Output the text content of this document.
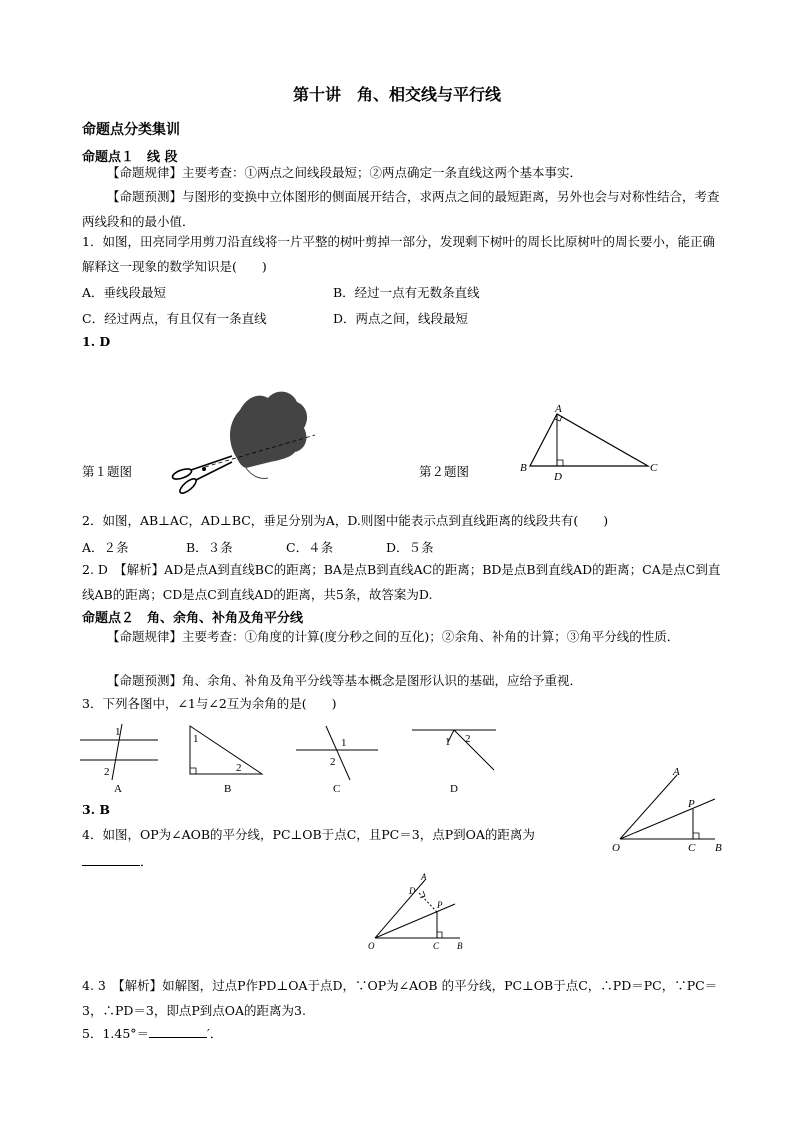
第十讲　角、相交线与平行线
命题点分类集训
命题点１　线 段
【命题规律】主要考查：①两点之间线段最短；②两点确定一条直线这两个基本事实．
【命题预测】与图形的变换中立体图形的侧面展开结合，求两点之间的最短距离，另外也会与对称性结合，考查两线段和的最小值．
1．如图，田亮同学用剪刀沿直线将一片平整的树叶剪掉一部分，发现剩下树叶的周长比原树叶的周长要小，能正确解释这一现象的数学知识是(　　)
A．垂线段最短	B．经过一点有无数条直线
C．经过两点，有且仅有一条直线	D．两点之间，线段最短
1. D
第１题图
A
B	C
D
第２题图
2．如图，AB⊥AC，AD⊥BC，垂足分别为A，D.则图中能表示点到直线距离的线段共有(　　)
A．２条	B．３条	C．４条	D．５条
2. D　【解析】AD是点A到直线BC的距离；BA是点B到直线AC的距离；BD是点B到直线AD的距离；CA是点C到直线AB的距离；CD是点C到直线AD的距离，共5条，故答案为D.
命题点２　角、余角、补角及角平分线
【命题规律】主要考查：①角度的计算(度分秒之间的互化)；②余角、补角的计算；③角平分线的性质．
【命题预测】角、余角、补角及角平分线等基本概念是图形认识的基础，应给予重视．
3．下列各图中，∠1与∠2互为余角的是(　　)
1
2
1
2
1
2
1 2
A	B	C	D
3. B
4．如图，OP为∠AOB的平分线，PC⊥OB于点C，且PC＝3，点P到OA的距离为
．
A
P
O	C B
A
D
P
O	C B
4. 3　【解析】如解图，过点P作PD⊥OA于点D，∵OP为∠AOB 的平分线，PC⊥OB于点C，∴PD＝PC，∵PC＝3，∴PD＝3，即点P到点OA的距离为3.
5．1.45°＝	′．
